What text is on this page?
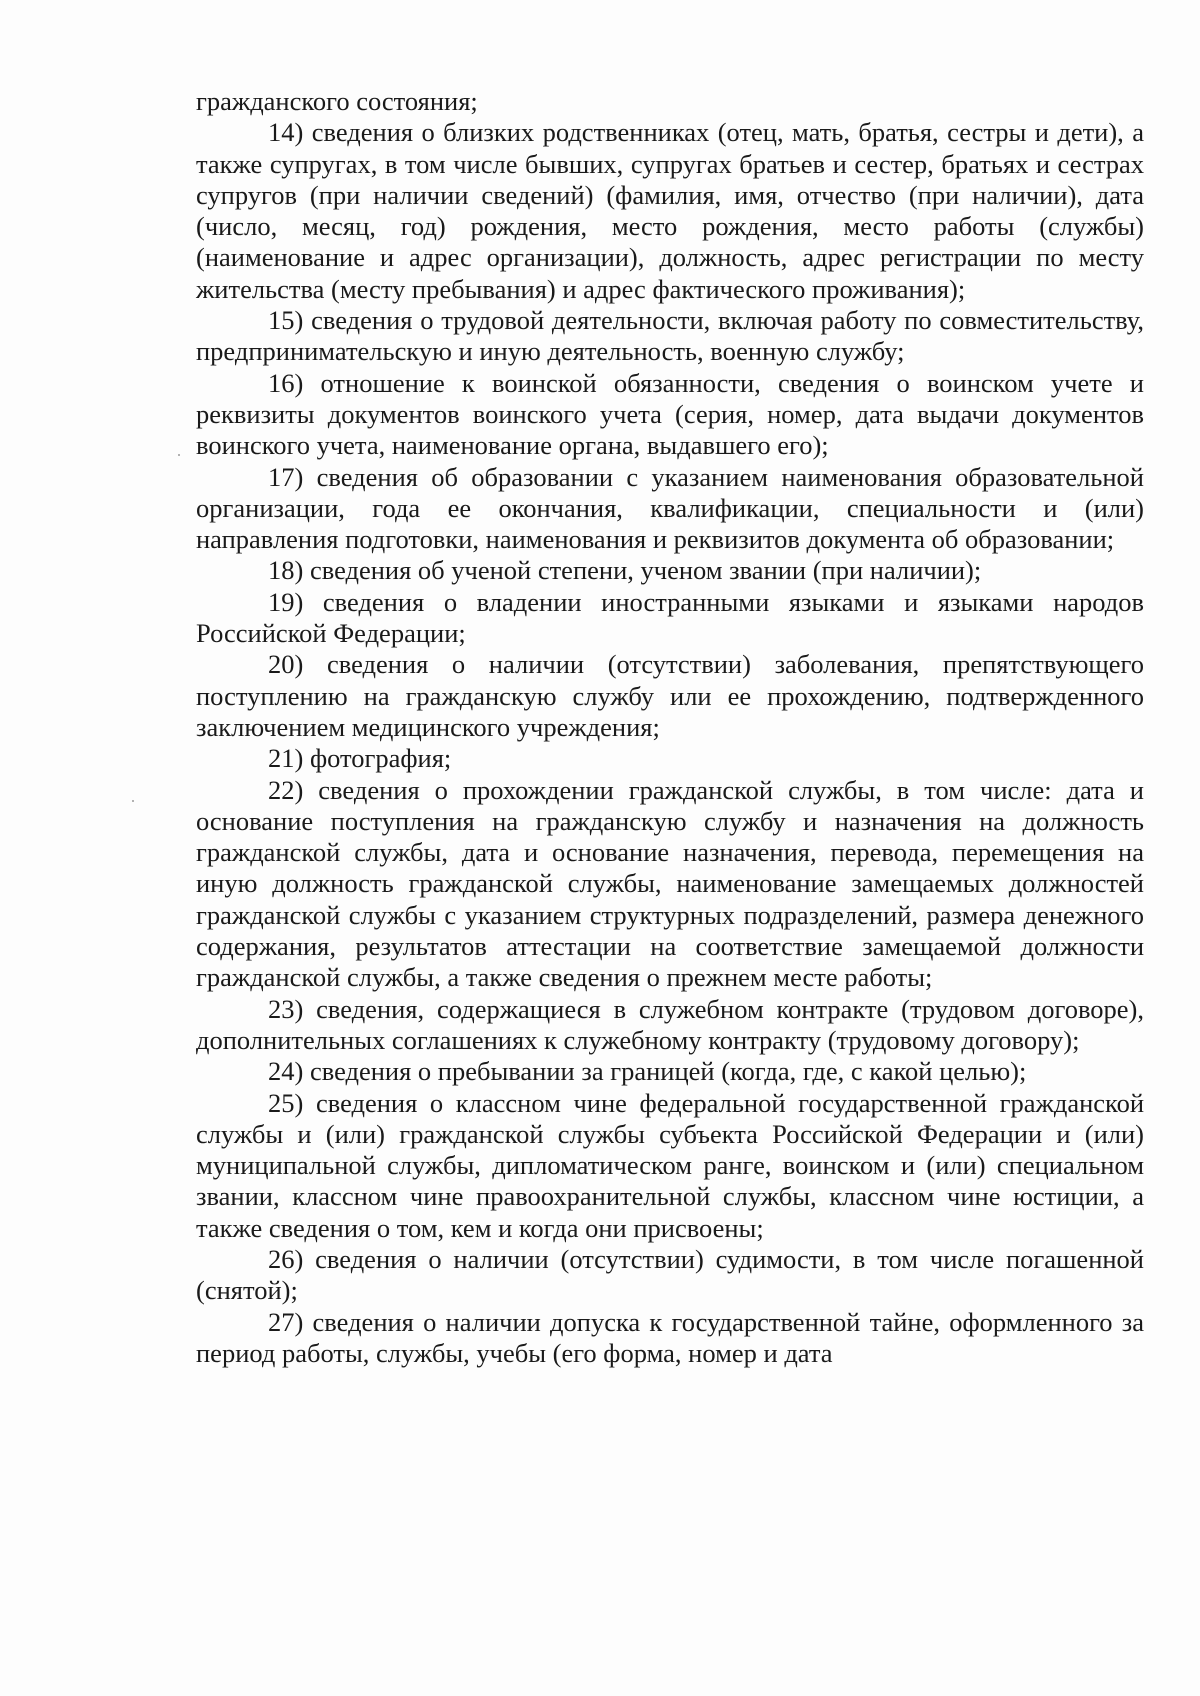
гражданского состояния;

14) сведения о близких родственниках (отец, мать, братья, сестры и дети), а также супругах, в том числе бывших, супругах братьев и сестер, братьях и сестрах супругов (при наличии сведений) (фамилия, имя, отчество (при наличии), дата (число, месяц, год) рождения, место рождения, место работы (службы) (наименование и адрес организации), должность, адрес регистрации по месту жительства (месту пребывания) и адрес фактического проживания);

15) сведения о трудовой деятельности, включая работу по совместительству, предпринимательскую и иную деятельность, военную службу;

16) отношение к воинской обязанности, сведения о воинском учете и реквизиты документов воинского учета (серия, номер, дата выдачи документов воинского учета, наименование органа, выдавшего его);

17) сведения об образовании с указанием наименования образовательной организации, года ее окончания, квалификации, специальности и (или) направления подготовки, наименования и реквизитов документа об образовании;

18) сведения об ученой степени, ученом звании (при наличии);

19) сведения о владении иностранными языками и языками народов Российской Федерации;

20) сведения о наличии (отсутствии) заболевания, препятствующего поступлению на гражданскую службу или ее прохождению, подтвержденного заключением медицинского учреждения;

21) фотография;

22) сведения о прохождении гражданской службы, в том числе: дата и основание поступления на гражданскую службу и назначения на должность гражданской службы, дата и основание назначения, перевода, перемещения на иную должность гражданской службы, наименование замещаемых должностей гражданской службы с указанием структурных подразделений, размера денежного содержания, результатов аттестации на соответствие замещаемой должности гражданской службы, а также сведения о прежнем месте работы;

23) сведения, содержащиеся в служебном контракте (трудовом договоре), дополнительных соглашениях к служебному контракту (трудовому договору);

24) сведения о пребывании за границей (когда, где, с какой целью);

25) сведения о классном чине федеральной государственной гражданской службы и (или) гражданской службы субъекта Российской Федерации и (или) муниципальной службы, дипломатическом ранге, воинском и (или) специальном звании, классном чине правоохранительной службы, классном чине юстиции, а также сведения о том, кем и когда они присвоены;

26) сведения о наличии (отсутствии) судимости, в том числе погашенной (снятой);

27) сведения о наличии допуска к государственной тайне, оформленного за период работы, службы, учебы (его форма, номер и дата
